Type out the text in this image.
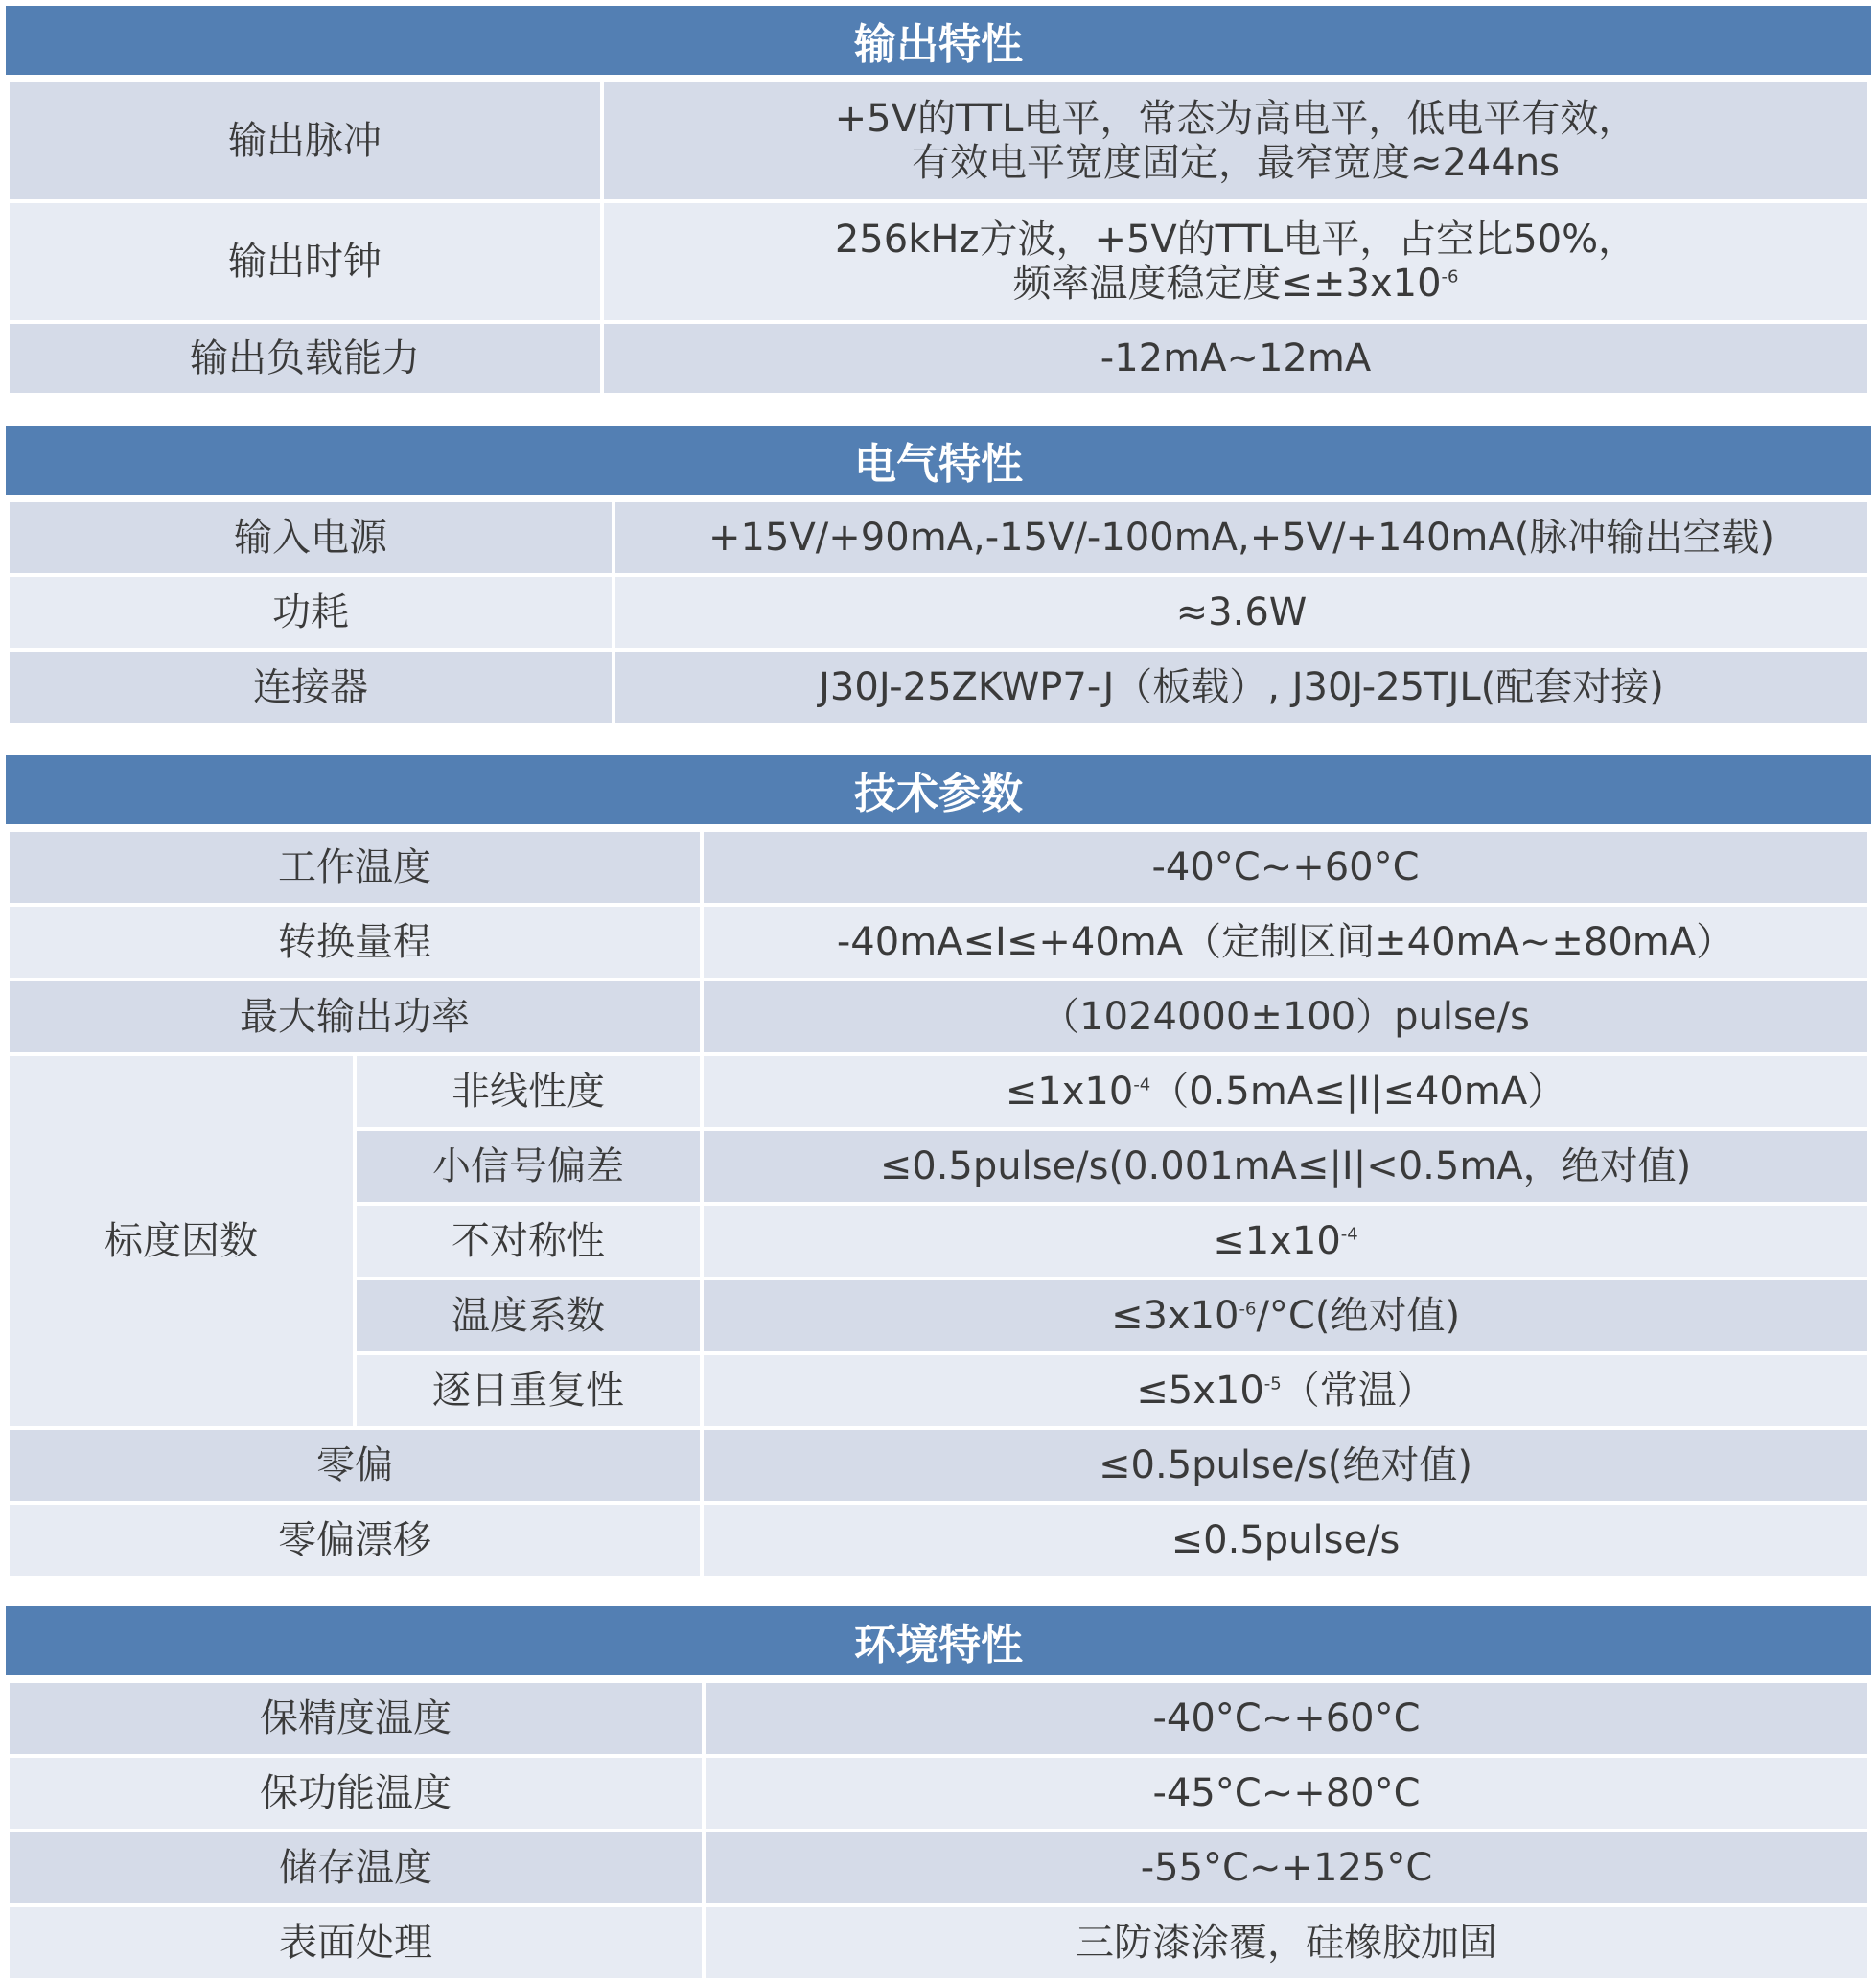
输出特性
输出脉冲	+5V的TTL电平，常态为高电平，低电平有效，
有效电平宽度固定，最窄宽度≈244ns

输出时钟	256kHz方波，+5V的TTL电平，占空比50%，
频率温度稳定度$\le\pm 3x10^{-6}$

输出负载能力	-12mA~12mA
电气特性
输入电源	+15V/+90mA,-15V/-100mA,+5V/+140mA(脉冲输出空载)
功耗	≈3.6W
连接器	J30J-25ZKWP7-J（板载）, J30J-25TJL(配套对接)
技术参数
工作温度		-40°C~+60°C
转换量程		-40mA≤I≤+40mA（定制区间±40mA~±80mA）
最大输出功率		（1024000±100）pulse/s
标度因数	非线性度	$\le 1x10^{-4}(0.5mA\le|I|\le 40mA)$
	小信号偏差	≤0.5pulse/s(0.001mA≤|I|<0.5mA，绝对值)
	不对称性	$\le 1x10^{-4}$
	温度系数	$\le 3x10^{-6}/^\circ C$(绝对值)
	逐日重复性	$\le 5x10^{-5}$（常温）
零偏		≤0.5pulse/s(绝对值)
零偏漂移		≤0.5pulse/s
环境特性
保精度温度	-40°C~+60°C
保功能温度	-45°C~+80°C
储存温度	-55°C~+125°C
表面处理	三防漆涂覆，硅橡胶加固
